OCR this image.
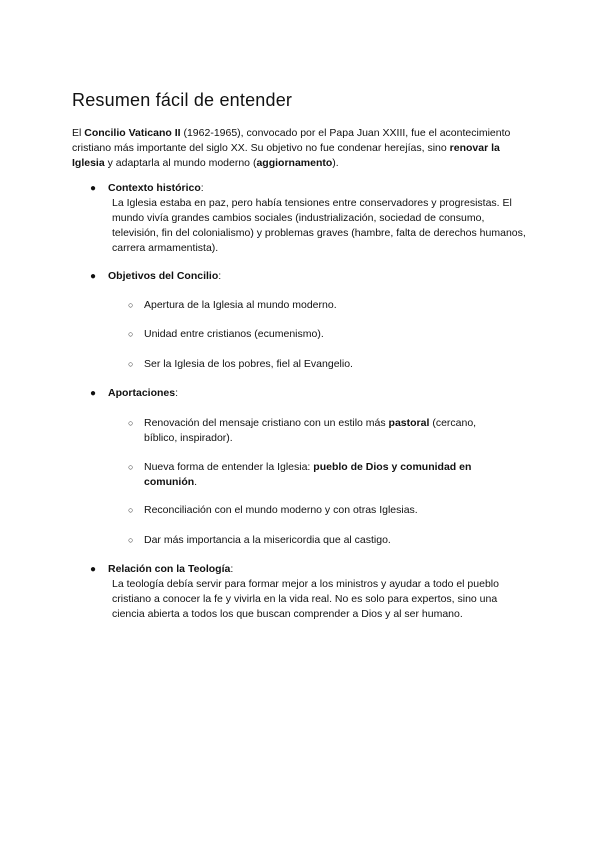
Resumen fácil de entender

El Concilio Vaticano II (1962-1965), convocado por el Papa Juan XXIII, fue el acontecimiento cristiano más importante del siglo XX. Su objetivo no fue condenar herejías, sino renovar la Iglesia y adaptarla al mundo moderno (aggiornamento).

● Contexto histórico:
La Iglesia estaba en paz, pero había tensiones entre conservadores y progresistas. El mundo vivía grandes cambios sociales (industrialización, sociedad de consumo, televisión, fin del colonialismo) y problemas graves (hambre, falta de derechos humanos, carrera armamentista).
● Objetivos del Concilio:
○ Apertura de la Iglesia al mundo moderno.
○ Unidad entre cristianos (ecumenismo).
○ Ser la Iglesia de los pobres, fiel al Evangelio.
● Aportaciones:
○ Renovación del mensaje cristiano con un estilo más pastoral (cercano, bíblico, inspirador).
○ Nueva forma de entender la Iglesia: pueblo de Dios y comunidad en comunión.
○ Reconciliación con el mundo moderno y con otras Iglesias.
○ Dar más importancia a la misericordia que al castigo.
● Relación con la Teología:
La teología debía servir para formar mejor a los ministros y ayudar a todo el pueblo cristiano a conocer la fe y vivirla en la vida real. No es solo para expertos, sino una ciencia abierta a todos los que buscan comprender a Dios y al ser humano.
